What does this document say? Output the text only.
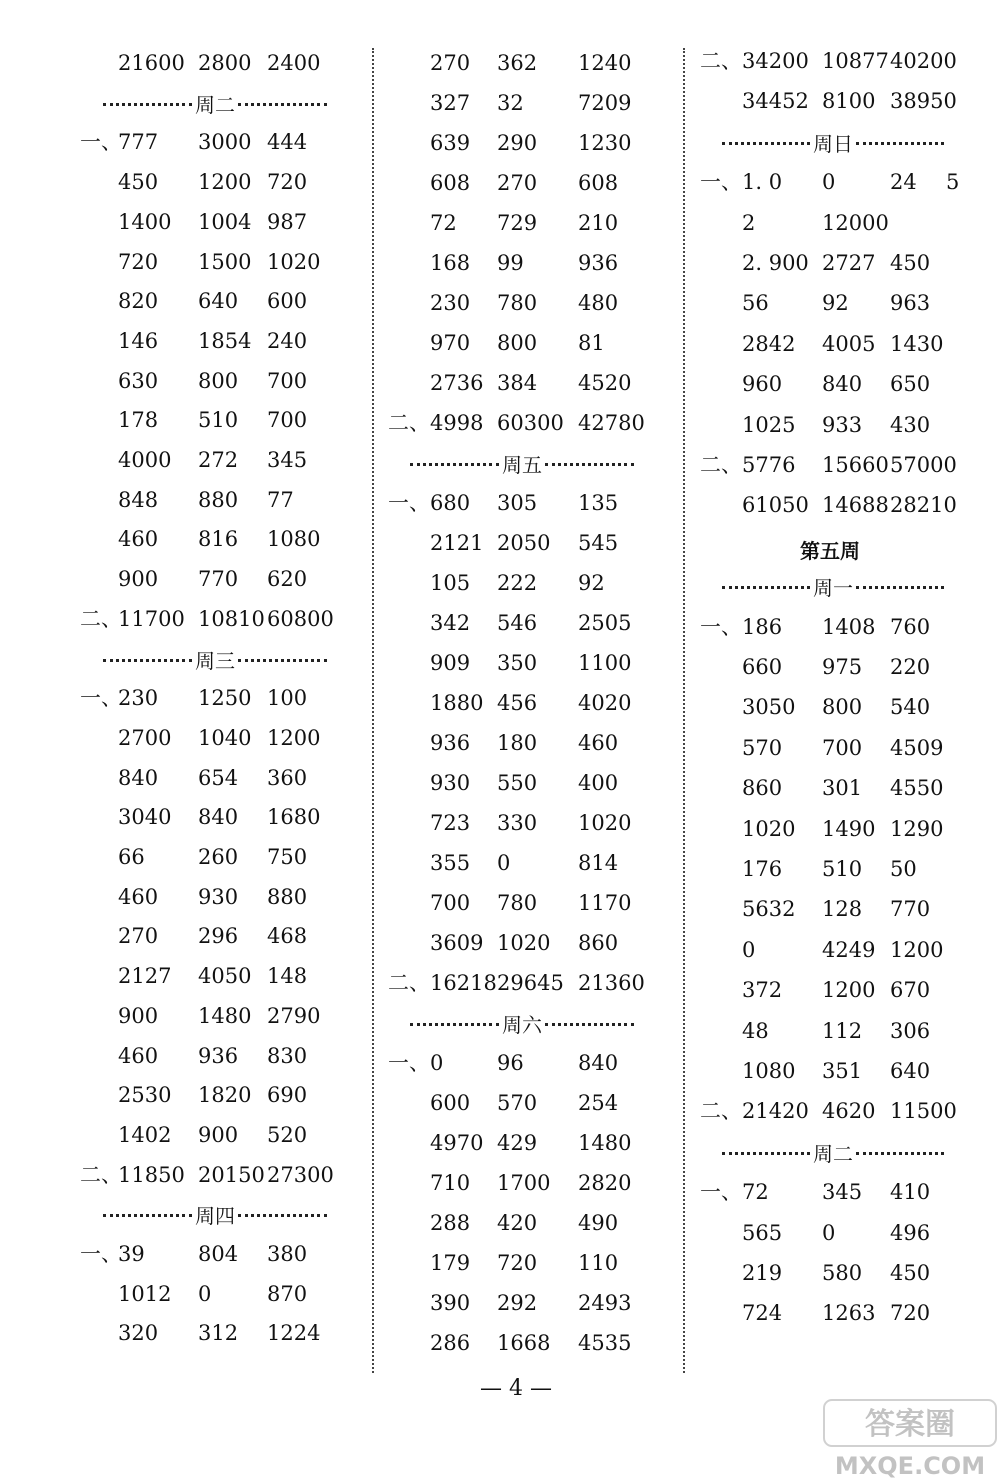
21600 2800 2400
周二
一、
777 3000 444
450 1200 720
1400 1004 987
720 1500 1020
820 640 600
146 1854 240
630 800 700
178 510 700
4000 272 345
848 880 77
460 816 1080
900 770 620
二、
11700 10810 60800
周三
一、
230 1250 100
2700 1040 1200
840 654 360
3040 840 1680
66	260 750
460 930 880
270 296 468
2127 4050 148
900 1480 2790
460 936 830
2530 1820 690
1402 900 520
二、
11850 20150 27300
周四
一、
39	804 380
1012 0	870
320 312 1224
270 362 1240
327 32	7209
639 290 1230
608 270 608
72 729 210
168 99	936
230 780 480
970 800 81
2736 384 4520
二、 4998 60300 42780
周五
一、 680 305 135
2121 2050 545
105 222 92
342 546 2505
909 350 1100
1880 456 4020
936 180 460
930 550 400
723 330 1020
355 0	814
700 780 1170
3609 1020 860
二、 16218 29645 21360
周六
一、 0	96	840
600 570 254
4970 429 1480
710 1700 2820
288 420 490
179 720 110
390 292 2493
286 1668 4535
二、 34200 10877 40200
34452 8100 38950
周日
一、 1. 0 0	24 5
2	12000
2. 900 2727 450
56	92 963
2842 4005 1430
960 840 650
1025 933 430
二、 5776 15660 57000
61050 14688 28210
第五周
周一
一、 186 1408 760
660 975 220
3050 800 540
570 700 4509
860 301 4550
1020 1490 1290
176 510 50
5632 128 770
0	4249 1200
372 1200 670
48	112 306
1080 351 640
二、 21420 4620 11500
周二
一、 72	345 410
565 0	496
219 580 450
724 1263 720
— 4 —
答案圈
MXQE.COM
